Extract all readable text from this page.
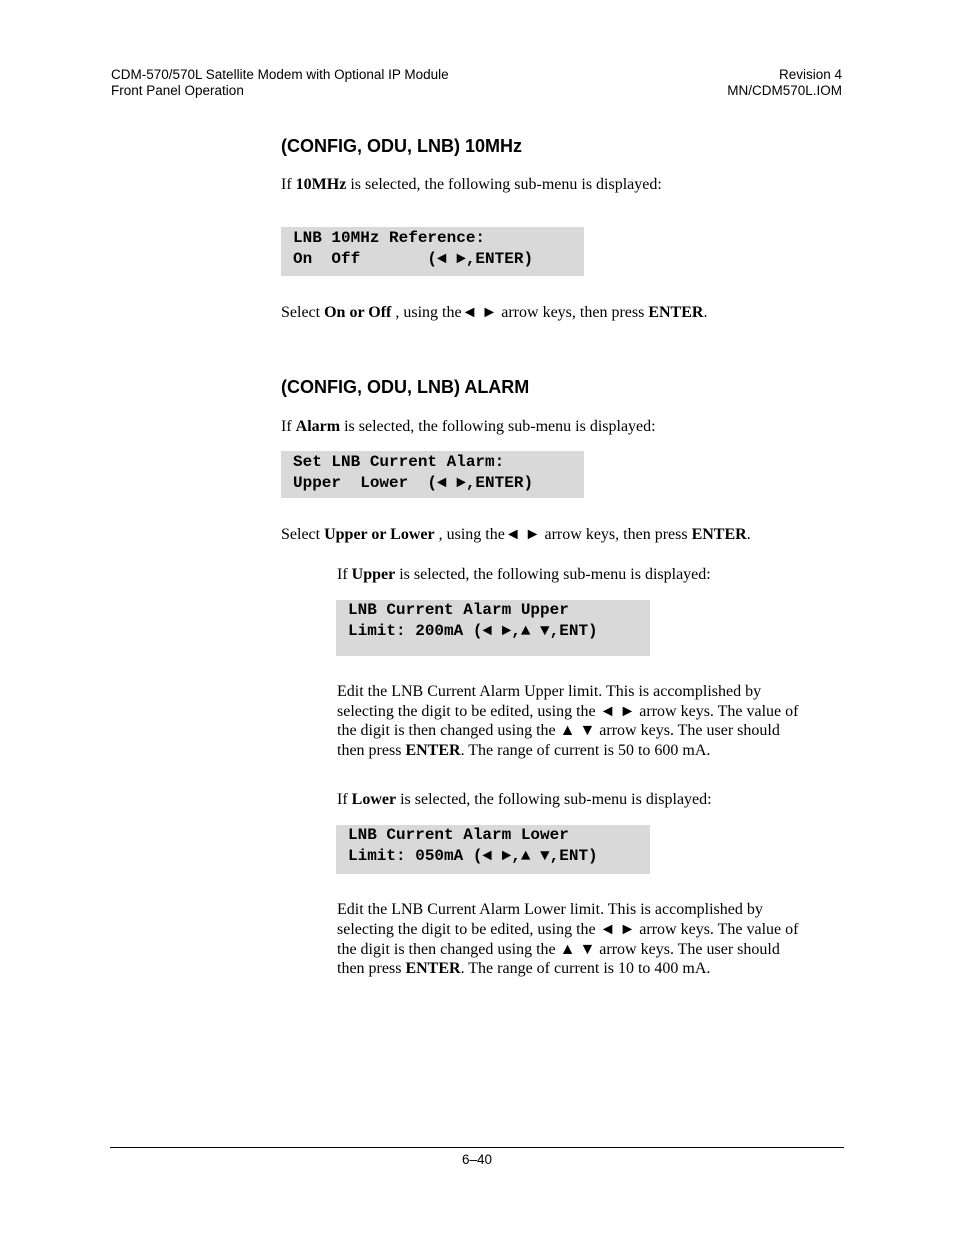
CDM-570/570L Satellite Modem with Optional IP Module
Front Panel Operation
Revision 4
MN/CDM570L.IOM
(CONFIG, ODU, LNB) 10MHz

If 10MHz is selected, the following sub-menu is displayed:

LNB 10MHz Reference:
On  Off       (◄ ►,ENTER)

Select On or Off , using the◄ ► arrow keys, then press ENTER.

(CONFIG, ODU, LNB) ALARM

If Alarm is selected, the following sub-menu is displayed:

Set LNB Current Alarm:
Upper  Lower  (◄ ►,ENTER)

Select Upper or Lower , using the◄ ► arrow keys, then press ENTER.

If Upper is selected, the following sub-menu is displayed:

LNB Current Alarm Upper
Limit: 200mA (◄ ►,▲ ▼,ENT)

Edit the LNB Current Alarm Upper limit. This is accomplished by

selecting the digit to be edited, using the ◄ ► arrow keys. The value of

the digit is then changed using the ▲ ▼ arrow keys. The user should

then press ENTER. The range of current is 50 to 600 mA.

If Lower is selected, the following sub-menu is displayed:

LNB Current Alarm Lower
Limit: 050mA (◄ ►,▲ ▼,ENT)

Edit the LNB Current Alarm Lower limit. This is accomplished by

selecting the digit to be edited, using the ◄ ► arrow keys. The value of

the digit is then changed using the ▲ ▼ arrow keys. The user should

then press ENTER. The range of current is 10 to 400 mA.

6–40
